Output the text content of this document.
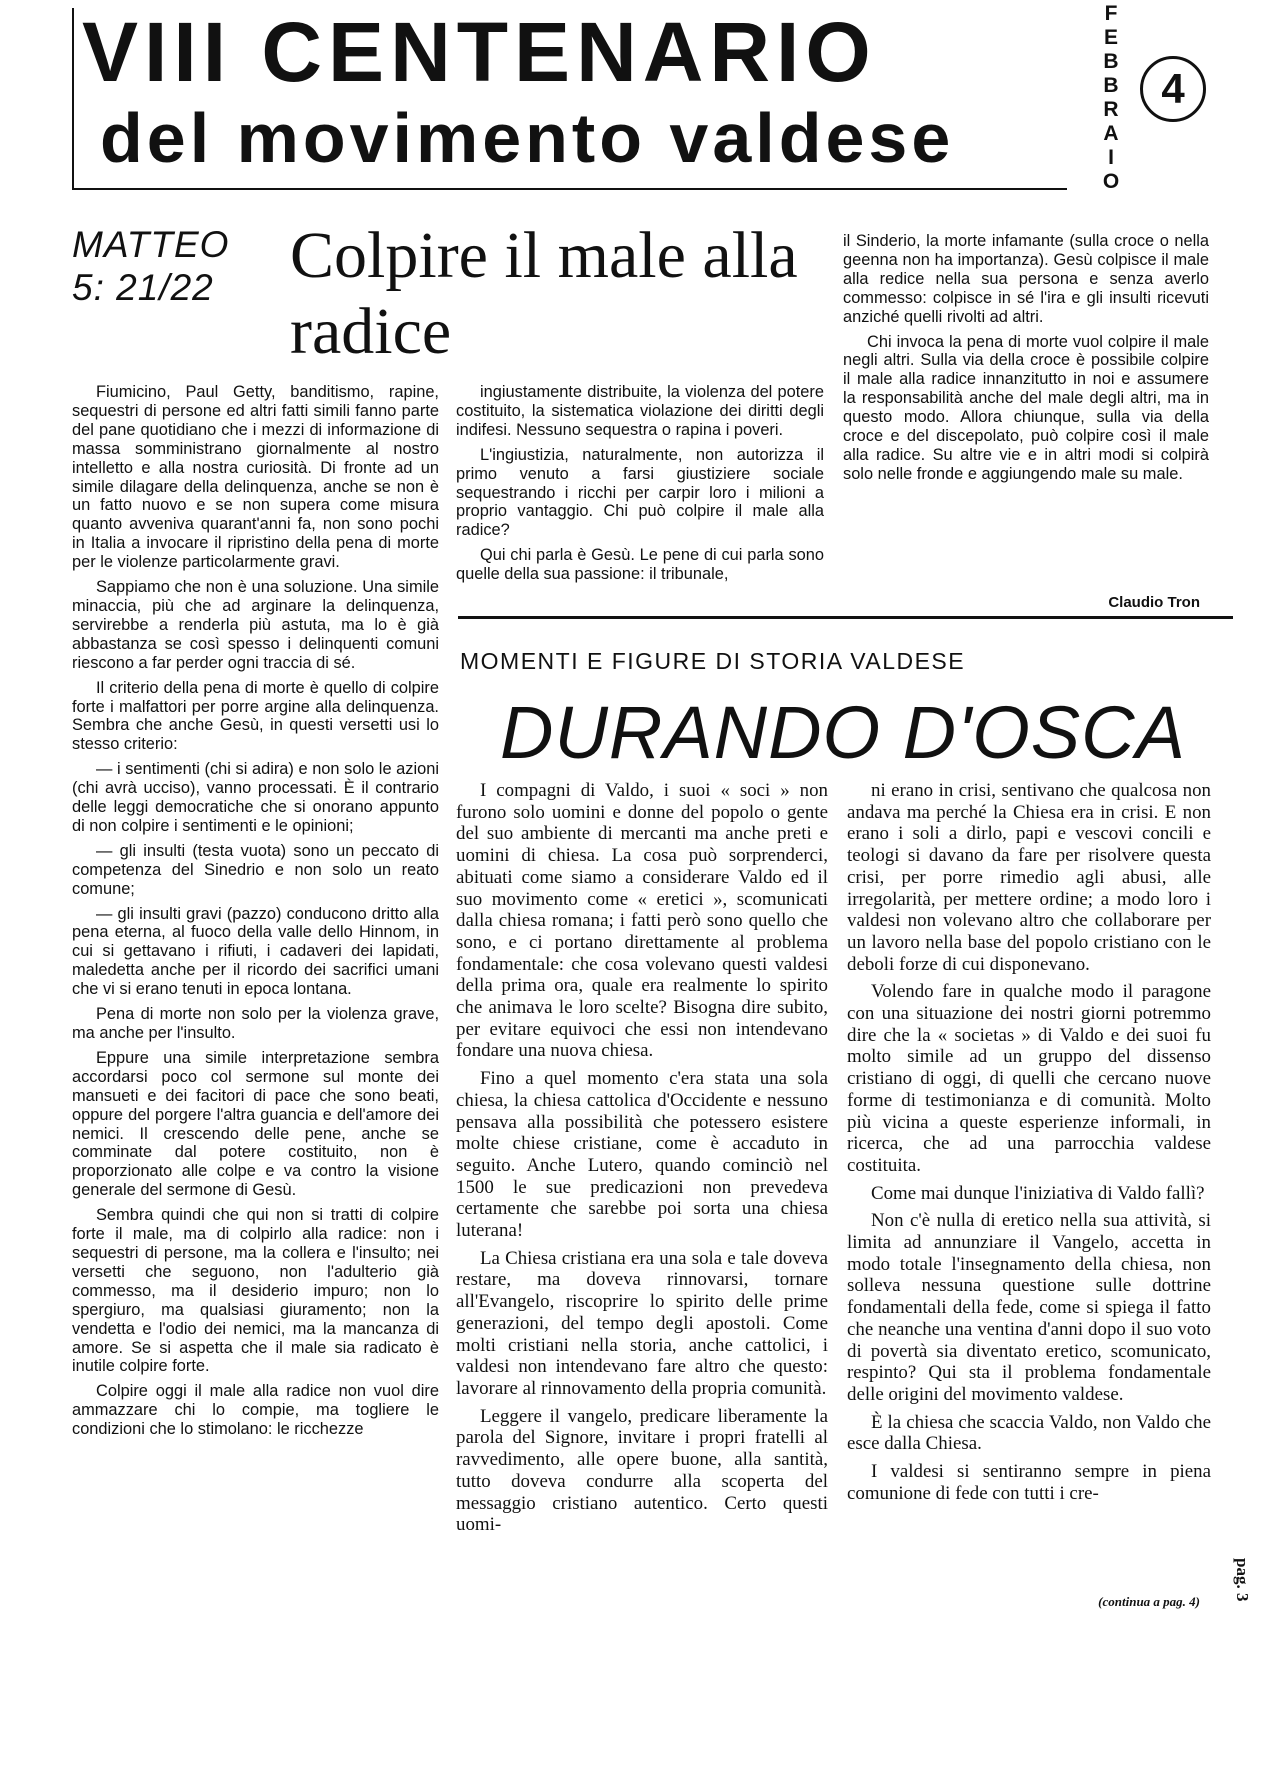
VIII CENTENARIO
del movimento valdese
F
E
B
B
R
A
I
O
4
MATTEO
5: 21/22	Colpire il male alla radice

Fiumicino, Paul Getty, banditismo, rapine, sequestri di persone ed altri fatti simili fanno parte del pane quotidiano che i mezzi di informazione di massa somministrano giornalmente al nostro intelletto e alla nostra curiosità. Di fronte ad un simile dilagare della delinquenza, anche se non è un fatto nuovo e se non supera come misura quanto avveniva quarant'anni fa, non sono pochi in Italia a invocare il ripristino della pena di morte per le violenze particolarmente gravi.

Sappiamo che non è una soluzione. Una simile minaccia, più che ad arginare la delinquenza, servirebbe a renderla più astuta, ma lo è già abbastanza se così spesso i delinquenti comuni riescono a far perder ogni traccia di sé.

Il criterio della pena di morte è quello di colpire forte i malfattori per porre argine alla delinquenza. Sembra che anche Gesù, in questi versetti usi lo stesso criterio:

— i sentimenti (chi si adira) e non solo le azioni (chi avrà ucciso), vanno processati. È il contrario delle leggi democratiche che si onorano appunto di non colpire i sentimenti e le opinioni;

— gli insulti (testa vuota) sono un peccato di competenza del Sinedrio e non solo un reato comune;

— gli insulti gravi (pazzo) conducono dritto alla pena eterna, al fuoco della valle dello Hinnom, in cui si gettavano i rifiuti, i cadaveri dei lapidati, maledetta anche per il ricordo dei sacrifici umani che vi si erano tenuti in epoca lontana.

Pena di morte non solo per la violenza grave, ma anche per l'insulto.

Eppure una simile interpretazione sembra accordarsi poco col sermone sul monte dei mansueti e dei facitori di pace che sono beati, oppure del porgere l'altra guancia e dell'amore dei nemici. Il crescendo delle pene, anche se comminate dal potere costituito, non è proporzionato alle colpe e va contro la visione generale del sermone di Gesù.

Sembra quindi che qui non si tratti di colpire forte il male, ma di colpirlo alla radice: non i sequestri di persone, ma la collera e l'insulto; nei versetti che seguono, non l'adulterio già commesso, ma il desiderio impuro; non lo spergiuro, ma qualsiasi giuramento; non la vendetta e l'odio dei nemici, ma la mancanza di amore. Se si aspetta che il male sia radicato è inutile colpire forte.

Colpire oggi il male alla radice non vuol dire ammazzare chi lo compie, ma togliere le condizioni che lo stimolano: le ricchezze

ingiustamente distribuite, la violenza del potere costituito, la sistematica violazione dei diritti degli indifesi. Nessuno sequestra o rapina i poveri.

L'ingiustizia, naturalmente, non autorizza il primo venuto a farsi giustiziere sociale sequestrando i ricchi per carpir loro i milioni a proprio vantaggio. Chi può colpire il male alla radice?

Qui chi parla è Gesù. Le pene di cui parla sono quelle della sua passione: il tribunale,

il Sinderio, la morte infamante (sulla croce o nella geenna non ha importanza). Gesù colpisce il male alla redice nella sua persona e senza averlo commesso: colpisce in sé l'ira e gli insulti ricevuti anziché quelli rivolti ad altri.

Chi invoca la pena di morte vuol colpire il male negli altri. Sulla via della croce è possibile colpire il male alla radice innanzitutto in noi e assumere la responsabilità anche del male degli altri, ma in questo modo. Allora chiunque, sulla via della croce e del discepolato, può colpire così il male alla radice. Su altre vie e in altri modi si colpirà solo nelle fronde e aggiungendo male su male.

Claudio Tron
MOMENTI E FIGURE DI STORIA VALDESE
DURANDO D'OSCA

I compagni di Valdo, i suoi « soci » non furono solo uomini e donne del popolo o gente del suo ambiente di mercanti ma anche preti e uomini di chiesa. La cosa può sorprenderci, abituati come siamo a considerare Valdo ed il suo movimento come « eretici », scomunicati dalla chiesa romana; i fatti però sono quello che sono, e ci portano direttamente al problema fondamentale: che cosa volevano questi valdesi della prima ora, quale era realmente lo spirito che animava le loro scelte? Bisogna dire subito, per evitare equivoci che essi non intendevano fondare una nuova chiesa.

Fino a quel momento c'era stata una sola chiesa, la chiesa cattolica d'Occidente e nessuno pensava alla possibilità che potessero esistere molte chiese cristiane, come è accaduto in seguito. Anche Lutero, quando cominciò nel 1500 le sue predicazioni non prevedeva certamente che sarebbe poi sorta una chiesa luterana!

La Chiesa cristiana era una sola e tale doveva restare, ma doveva rinnovarsi, tornare all'Evangelo, riscoprire lo spirito delle prime generazioni, del tempo degli apostoli. Come molti cristiani nella storia, anche cattolici, i valdesi non intendevano fare altro che questo: lavorare al rinnovamento della propria comunità.

Leggere il vangelo, predicare liberamente la parola del Signore, invitare i propri fratelli al ravvedimento, alle opere buone, alla santità, tutto doveva condurre alla scoperta del messaggio cristiano autentico. Certo questi uomi-

ni erano in crisi, sentivano che qualcosa non andava ma perché la Chiesa era in crisi. E non erano i soli a dirlo, papi e vescovi concili e teologi si davano da fare per risolvere questa crisi, per porre rimedio agli abusi, alle irregolarità, per mettere ordine; a modo loro i valdesi non volevano altro che collaborare per un lavoro nella base del popolo cristiano con le deboli forze di cui disponevano.

Volendo fare in qualche modo il paragone con una situazione dei nostri giorni potremmo dire che la « societas » di Valdo e dei suoi fu molto simile ad un gruppo del dissenso cristiano di oggi, di quelli che cercano nuove forme di testimonianza e di comunità. Molto più vicina a queste esperienze informali, in ricerca, che ad una parrocchia valdese costituita.

Come mai dunque l'iniziativa di Valdo fallì?

Non c'è nulla di eretico nella sua attività, si limita ad annunziare il Vangelo, accetta in modo totale l'insegnamento della chiesa, non solleva nessuna questione sulle dottrine fondamentali della fede, come si spiega il fatto che neanche una ventina d'anni dopo il suo voto di povertà sia diventato eretico, scomunicato, respinto? Qui sta il problema fondamentale delle origini del movimento valdese.

È la chiesa che scaccia Valdo, non Valdo che esce dalla Chiesa.

I valdesi si sentiranno sempre in piena comunione di fede con tutti i cre-

(continua a pag. 4)
pag. 3
